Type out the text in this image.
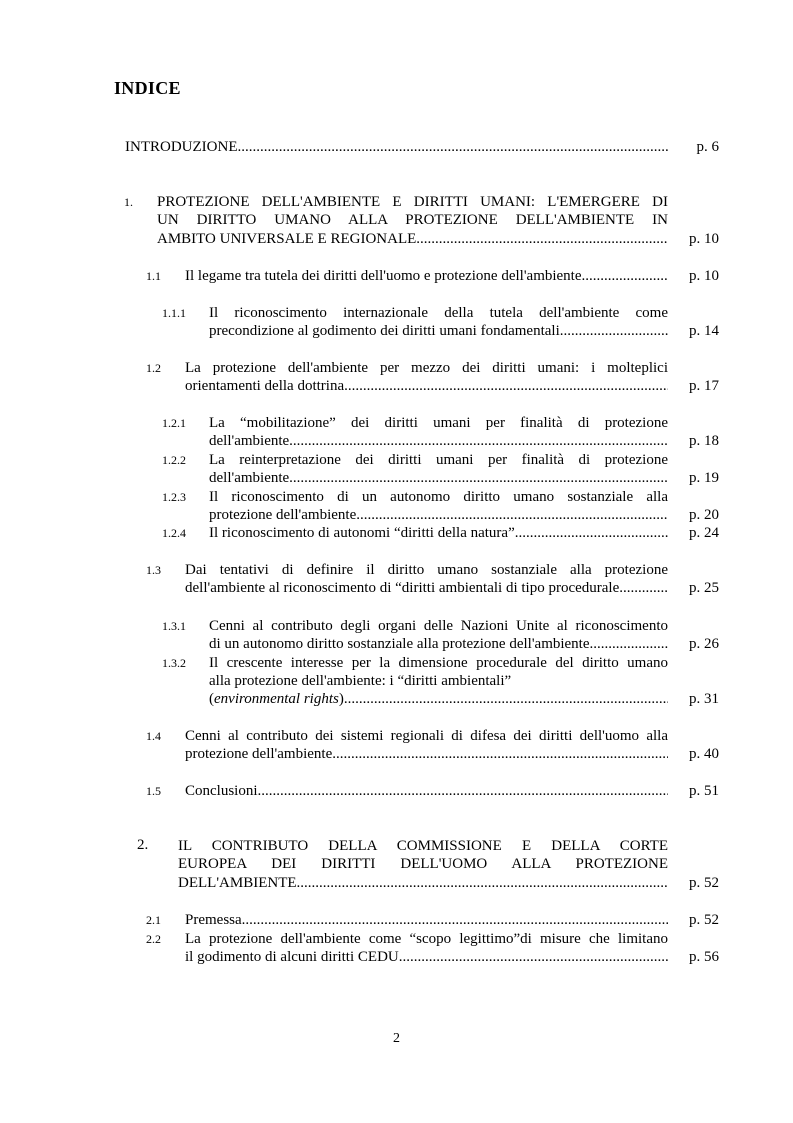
INDICE
INTRODUZIONE .....	p. 6
1. PROTEZIONE DELL'AMBIENTE E DIRITTI UMANI: L'EMERGERE DI
UN DIRITTO UMANO ALLA PROTEZIONE DELL'AMBIENTE IN
AMBITO UNIVERSALE E REGIONALE .....	p. 10
1.1 Il legame tra tutela dei diritti dell'uomo e protezione dell'ambiente .....	p. 10
1.1.1 Il riconoscimento internazionale della tutela dell'ambiente come
precondizione al godimento dei diritti umani fondamentali .....	p. 14
1.2 La protezione dell'ambiente per mezzo dei diritti umani: i molteplici
orientamenti della dottrina .....	p. 17
1.2.1 La “mobilitazione” dei diritti umani per finalità di protezione
dell'ambiente .....	p. 18
1.2.2 La reinterpretazione dei diritti umani per finalità di protezione
dell'ambiente .....	p. 19
1.2.3 Il riconoscimento di un autonomo diritto umano sostanziale alla
protezione dell'ambiente .....	p. 20
1.2.4 Il riconoscimento di autonomi “diritti della natura” .....	p. 24
1.3 Dai tentativi di definire il diritto umano sostanziale alla protezione
dell'ambiente al riconoscimento di “diritti ambientali di tipo procedurale .....	p. 25
1.3.1 Cenni al contributo degli organi delle Nazioni Unite al riconoscimento
di un autonomo diritto sostanziale alla protezione dell'ambiente .....	p. 26
1.3.2 Il crescente interesse per la dimensione procedurale del diritto umano
alla protezione dell'ambiente: i “diritti ambientali”
(environmental rights) .....	p. 31
1.4 Cenni al contributo dei sistemi regionali di difesa dei diritti dell'uomo alla
protezione dell'ambiente .....	p. 40
1.5 Conclusioni .....	p. 51
2. IL CONTRIBUTO DELLA COMMISSIONE E DELLA CORTE
EUROPEA DEI DIRITTI DELL'UOMO ALLA PROTEZIONE
DELL'AMBIENTE .....	p. 52
2.1 Premessa .....	p. 52
2.2 La protezione dell'ambiente come “scopo legittimo”di misure che limitano
il godimento di alcuni diritti CEDU .....	p. 56
2
